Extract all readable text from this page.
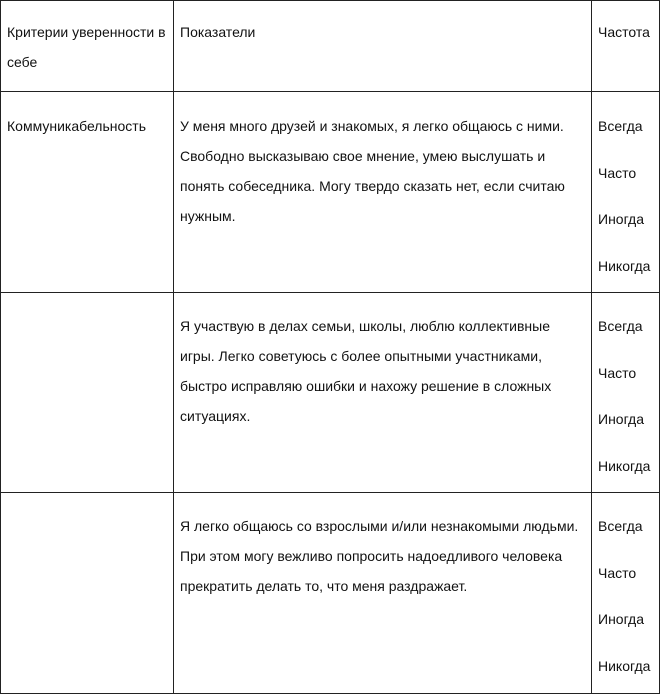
Критерии уверенности в себе	Показатели	Частота
Коммуникабельность	У меня много друзей и знакомых, я легко общаюсь с ними. Свободно высказываю свое мнение, умею выслушать и понять собеседника. Могу твердо сказать нет, если считаю нужным.	
Всегда
Часто
Иногда
Никогда

	Я участвую в делах семьи, школы, люблю коллективные игры. Легко советуюсь с более опытными участниками, быстро исправляю ошибки и нахожу решение в сложных ситуациях.	
Всегда
Часто
Иногда
Никогда

	Я легко общаюсь со взрослыми и/или незнакомыми людьми. При этом могу вежливо попросить надоедливого человека прекратить делать то, что меня раздражает.	
Всегда
Часто
Иногда
Никогда
